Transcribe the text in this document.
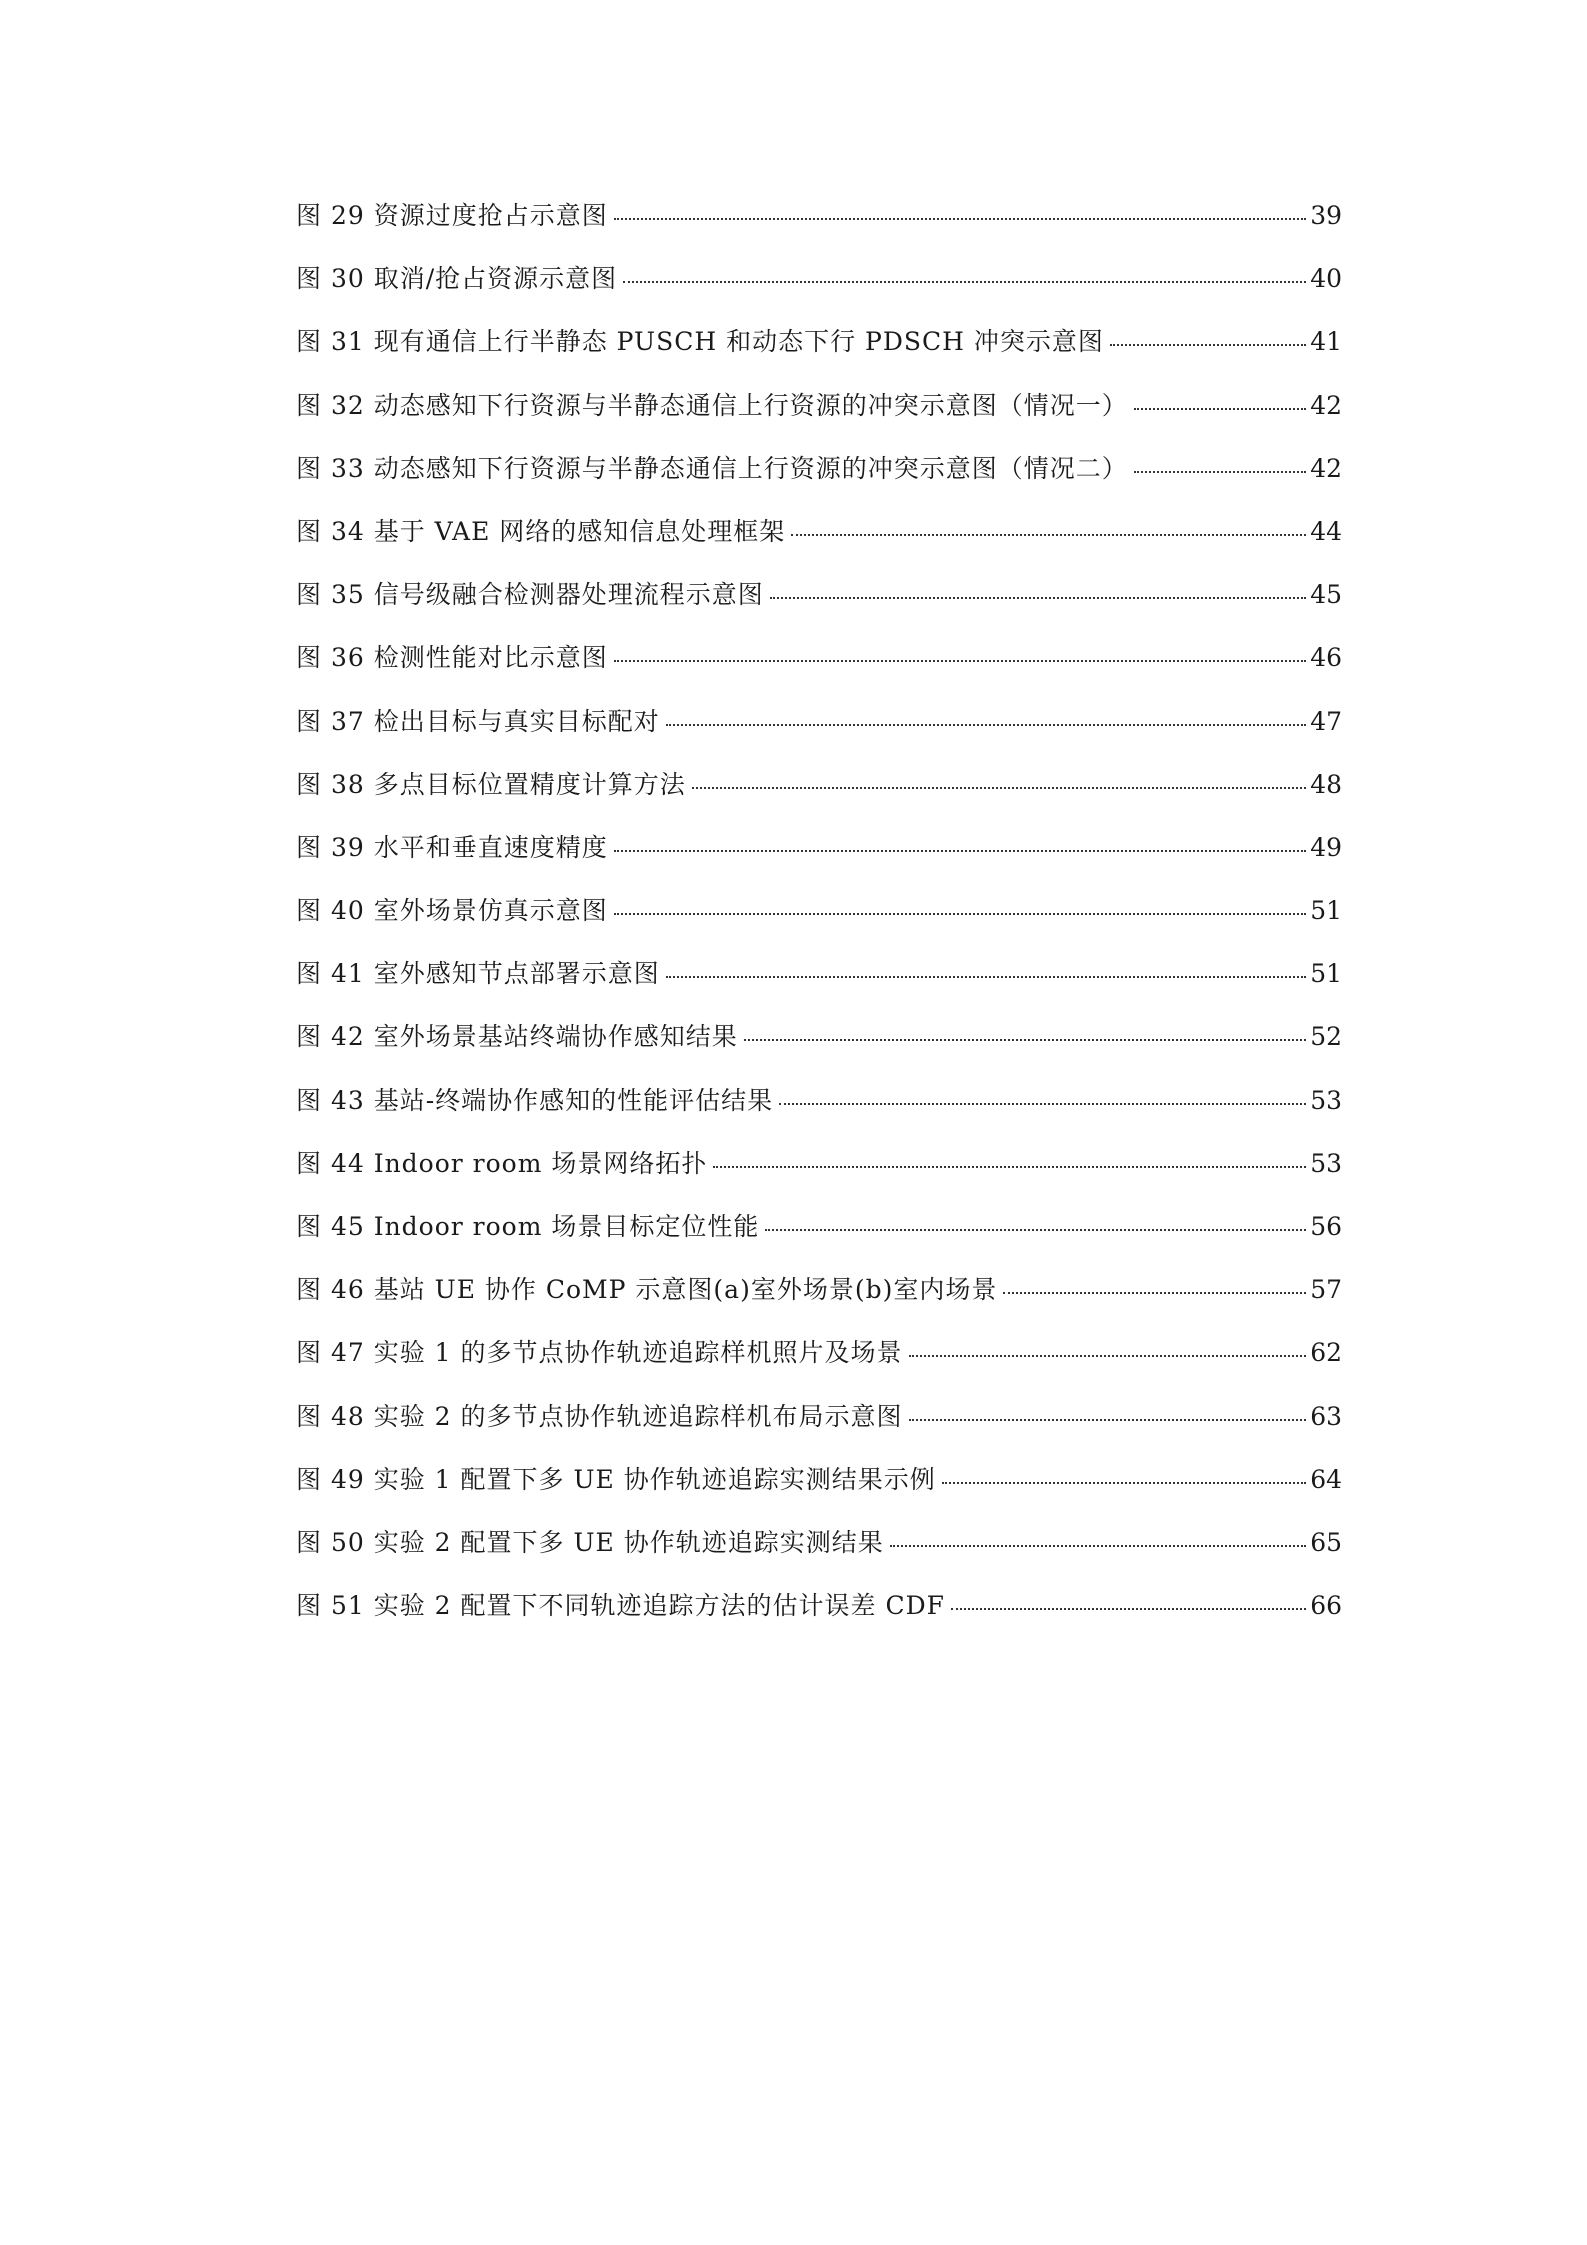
图 29 资源过度抢占示意图	39
图 30 取消/抢占资源示意图	40
图 31 现有通信上行半静态 PUSCH 和动态下行 PDSCH 冲突示意图	41
图 32 动态感知下行资源与半静态通信上行资源的冲突示意图（情况一）	42
图 33 动态感知下行资源与半静态通信上行资源的冲突示意图（情况二）	42
图 34 基于 VAE 网络的感知信息处理框架	44
图 35 信号级融合检测器处理流程示意图	45
图 36 检测性能对比示意图	46
图 37 检出目标与真实目标配对	47
图 38 多点目标位置精度计算方法	48
图 39 水平和垂直速度精度	49
图 40 室外场景仿真示意图	51
图 41 室外感知节点部署示意图	51
图 42 室外场景基站终端协作感知结果	52
图 43 基站-终端协作感知的性能评估结果	53
图 44 Indoor room 场景网络拓扑	53
图 45 Indoor room 场景目标定位性能	56
图 46 基站 UE 协作 CoMP 示意图(a)室外场景(b)室内场景	57
图 47 实验 1 的多节点协作轨迹追踪样机照片及场景	62
图 48 实验 2 的多节点协作轨迹追踪样机布局示意图	63
图 49 实验 1 配置下多 UE 协作轨迹追踪实测结果示例	64
图 50 实验 2 配置下多 UE 协作轨迹追踪实测结果	65
图 51 实验 2 配置下不同轨迹追踪方法的估计误差 CDF	66
